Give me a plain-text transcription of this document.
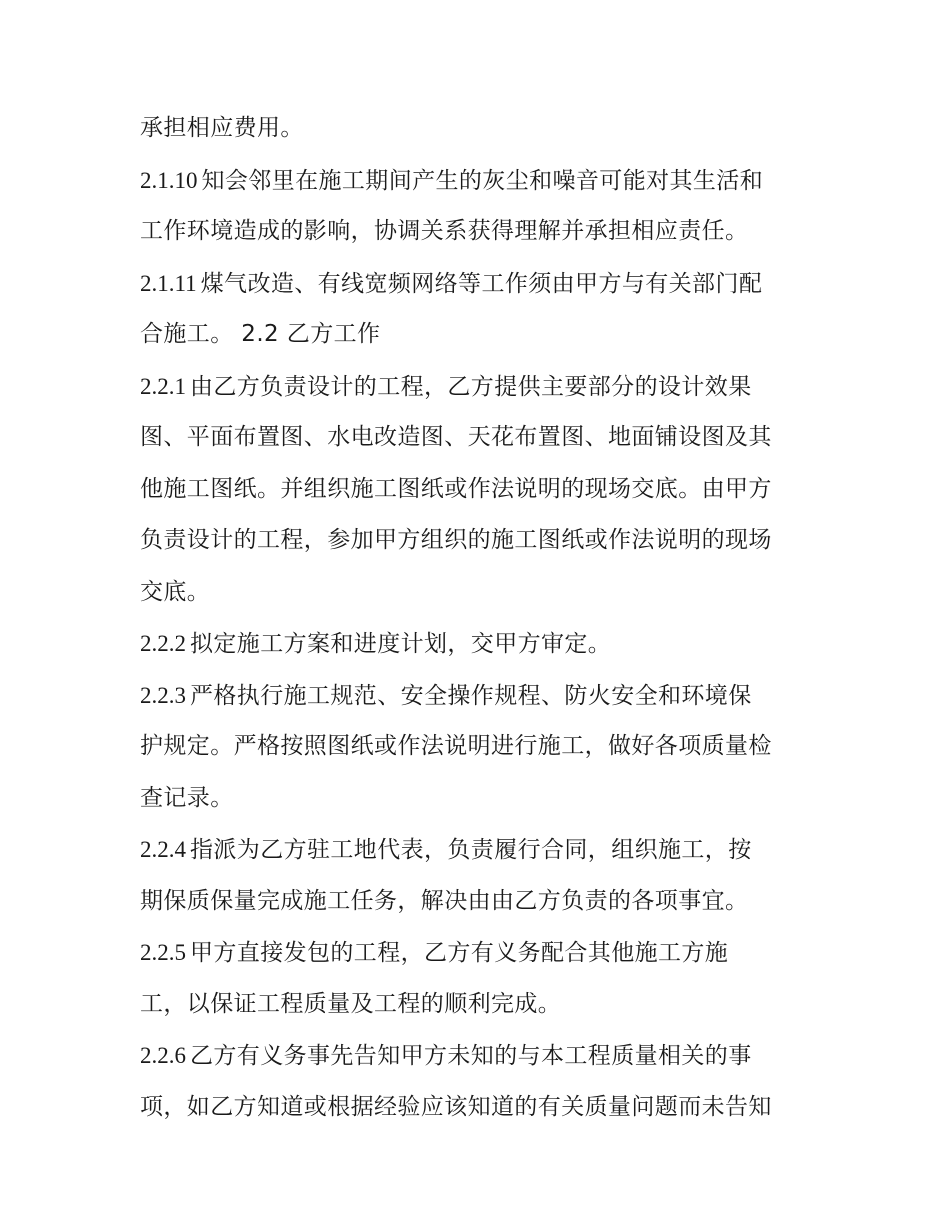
承担相应费用。
2.1.10 知会邻里在施工期间产生的灰尘和噪音可能对其生活和
工作环境造成的影响，协调关系获得理解并承担相应责任。
2.1.11 煤气改造、有线宽频网络等工作须由甲方与有关部门配
合施工。 2.2 乙方工作
2.2.1 由乙方负责设计的工程，乙方提供主要部分的设计效果
图、平面布置图、水电改造图、天花布置图、地面铺设图及其
他施工图纸。并组织施工图纸或作法说明的现场交底。由甲方
负责设计的工程，参加甲方组织的施工图纸或作法说明的现场
交底。
2.2.2 拟定施工方案和进度计划，交甲方审定。
2.2.3 严格执行施工规范、安全操作规程、防火安全和环境保
护规定。严格按照图纸或作法说明进行施工，做好各项质量检
查记录。
2.2.4 指派为乙方驻工地代表，负责履行合同，组织施工，按
期保质保量完成施工任务，解决由由乙方负责的各项事宜。
2.2.5 甲方直接发包的工程，乙方有义务配合其他施工方施
工，以保证工程质量及工程的顺利完成。
2.2.6 乙方有义务事先告知甲方未知的与本工程质量相关的事
项，如乙方知道或根据经验应该知道的有关质量问题而未告知
